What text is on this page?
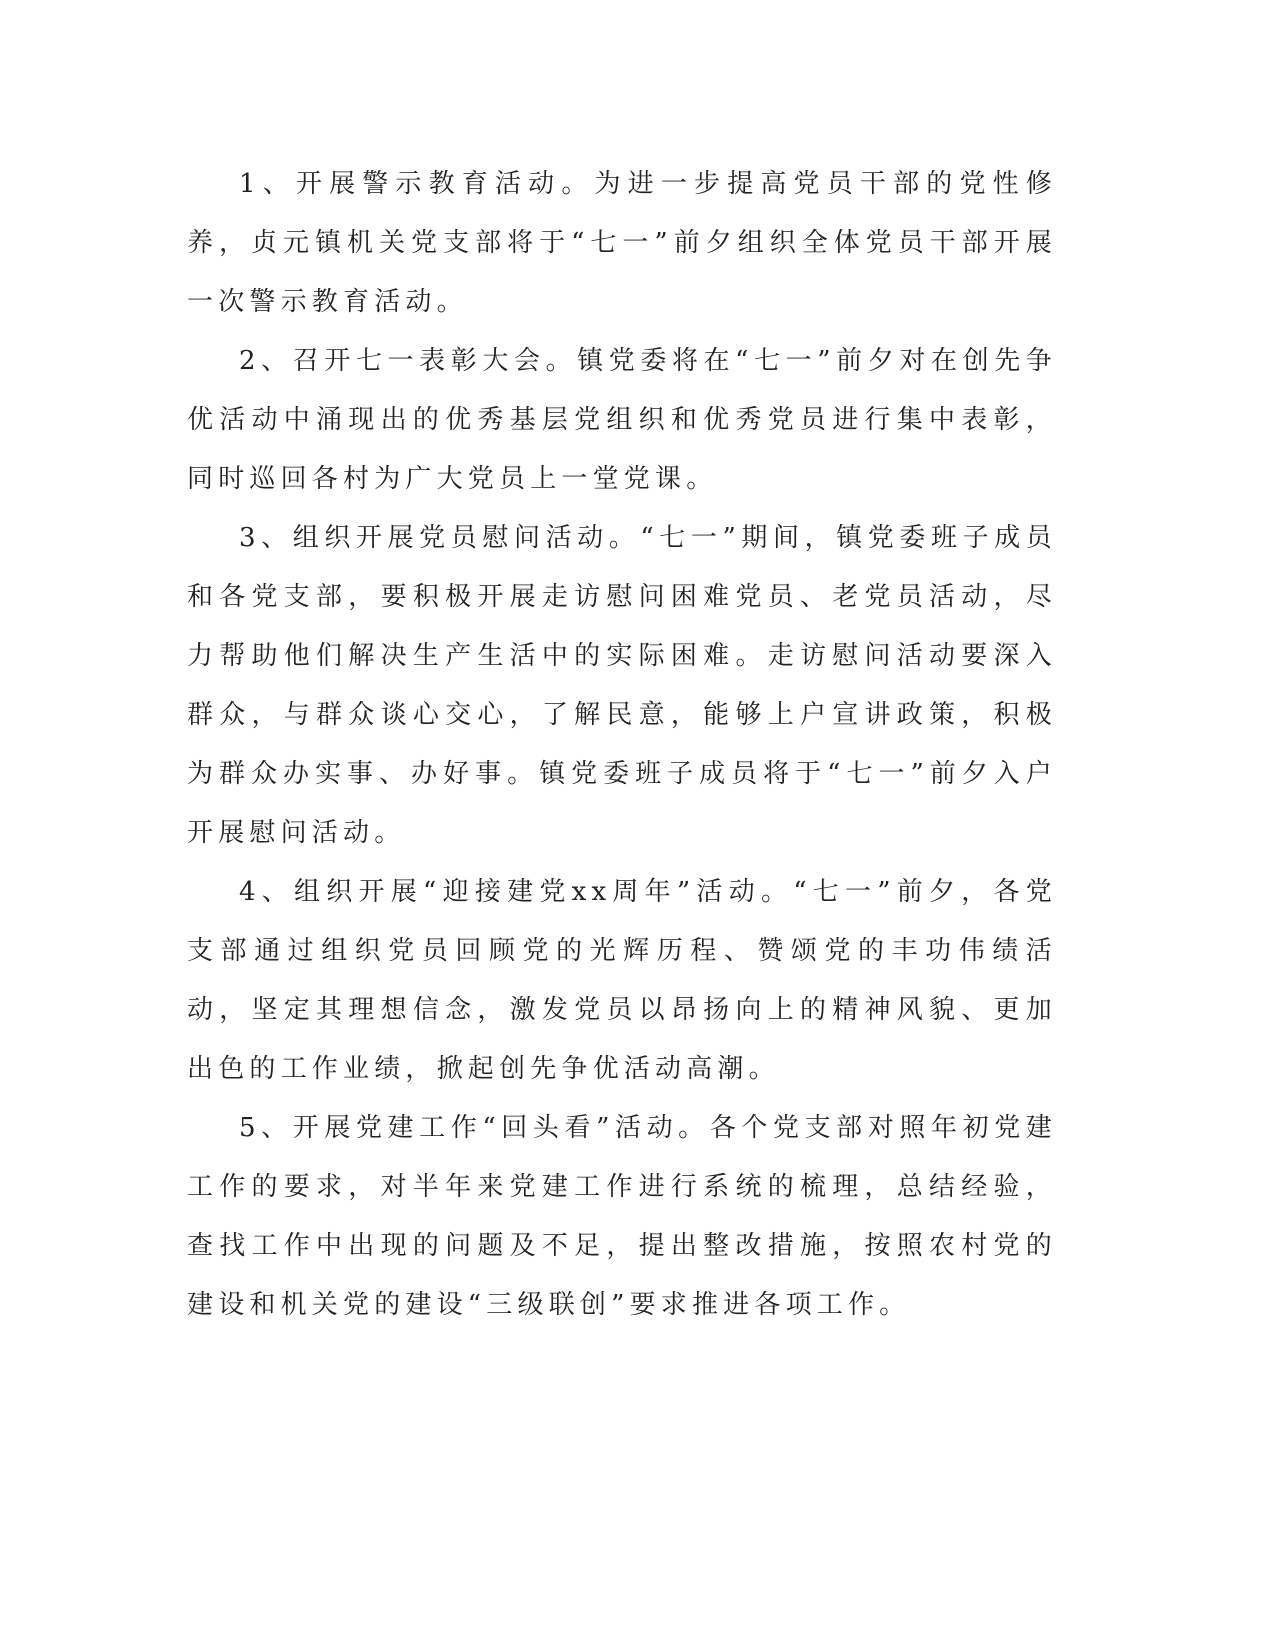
1、开展警示教育活动。为进一步提高党员干部的党性修养，贞元镇机关党支部将于“七一”前夕组织全体党员干部开展一次警示教育活动。

2、召开七一表彰大会。镇党委将在“七一”前夕对在创先争优活动中涌现出的优秀基层党组织和优秀党员进行集中表彰，同时巡回各村为广大党员上一堂党课。

3、组织开展党员慰问活动。“七一”期间，镇党委班子成员和各党支部，要积极开展走访慰问困难党员、老党员活动，尽力帮助他们解决生产生活中的实际困难。走访慰问活动要深入群众，与群众谈心交心，了解民意，能够上户宣讲政策，积极为群众办实事、办好事。镇党委班子成员将于“七一”前夕入户开展慰问活动。

4、组织开展“迎接建党xx周年”活动。“七一”前夕，各党支部通过组织党员回顾党的光辉历程、赞颂党的丰功伟绩活动，坚定其理想信念，激发党员以昂扬向上的精神风貌、更加出色的工作业绩，掀起创先争优活动高潮。

5、开展党建工作“回头看”活动。各个党支部对照年初党建工作的要求，对半年来党建工作进行系统的梳理，总结经验，查找工作中出现的问题及不足，提出整改措施，按照农村党的建设和机关党的建设“三级联创”要求推进各项工作。
